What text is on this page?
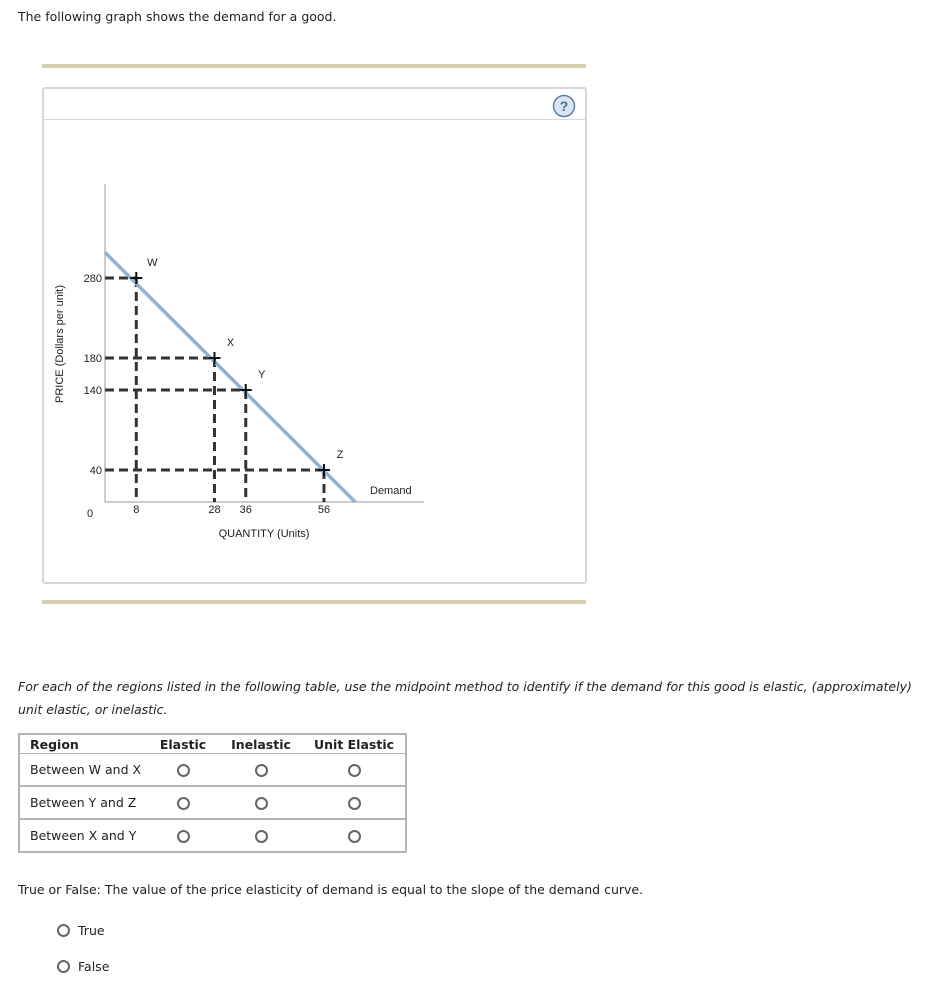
The following graph shows the demand for a good.
?
W
X
Y
Z
280
180
140
40
8	28 36	56
0
Demand
QUANTITY (Units)
PRICE (Dollars per unit)
For each of the regions listed in the following table, use the midpoint method to identify if the demand for this good is elastic, (approximately) unit elastic, or inelastic.
Region	Elastic	Inelastic	Unit Elastic
Between W and X			
Between Y and Z			
Between X and Y			
True or False: The value of the price elasticity of demand is equal to the slope of the demand curve.
True
False
